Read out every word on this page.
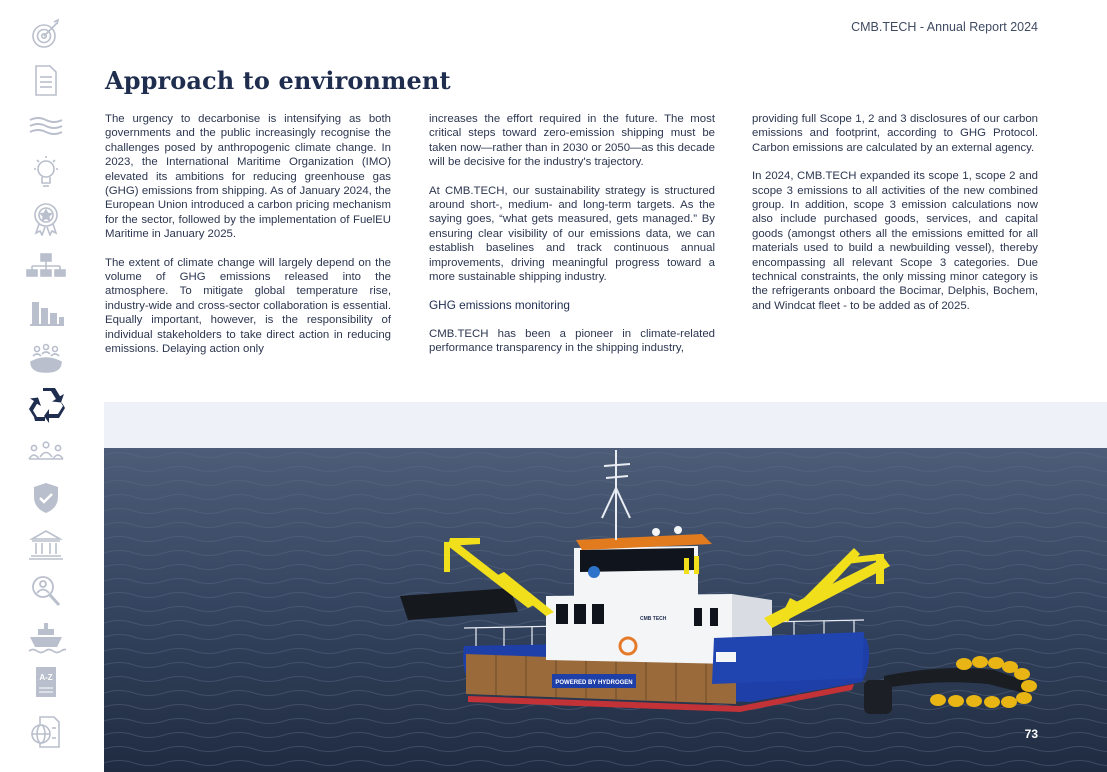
A-Z
CMB.TECH - Annual Report 2024
Approach to environment

The urgency to decarbonise is intensifying as both governments and the public increasingly recognise the challenges posed by anthropogenic climate change. In 2023, the International Maritime Organization (IMO) elevated its ambitions for reducing greenhouse gas (GHG) emissions from shipping. As of January 2024, the European Union introduced a carbon pricing mechanism for the sector, followed by the implementation of FuelEU Maritime in January 2025.

The extent of climate change will largely depend on the volume of GHG emissions released into the atmosphere. To mitigate global temperature rise, industry-wide and cross-sector collaboration is essential. Equally important, however, is the responsibility of individual stakeholders to take direct action in reducing emissions. Delaying action only

increases the effort required in the future. The most critical steps toward zero-emission shipping must be taken now—rather than in 2030 or 2050—as this decade will be decisive for the industry's trajectory.

At CMB.TECH, our sustainability strategy is structured around short-, medium- and long-term targets. As the saying goes, “what gets measured, gets managed.” By ensuring clear visibility of our emissions data, we can establish baselines and track continuous annual improvements, driving meaningful progress toward a more sustainable shipping industry.

GHG emissions monitoring

CMB.TECH has been a pioneer in climate-related performance transparency in the shipping industry,

providing full Scope 1, 2 and 3 disclosures of our carbon emissions and footprint, according to GHG Protocol. Carbon emissions are calculated by an external agency.

In 2024, CMB.TECH expanded its scope 1, scope 2 and scope 3 emissions to all activities of the new combined group. In addition, scope 3 emission calculations now also include purchased goods, services, and capital goods (amongst others all the emissions emitted for all materials used to build a newbuilding vessel), thereby encompassing all relevant Scope 3 categories. Due technical constraints, the only missing minor category is the refrigerants onboard the Bocimar, Delphis, Bochem, and Windcat fleet - to be added as of 2025.

POWERED BY HYDROGEN
CMB TECH
73
